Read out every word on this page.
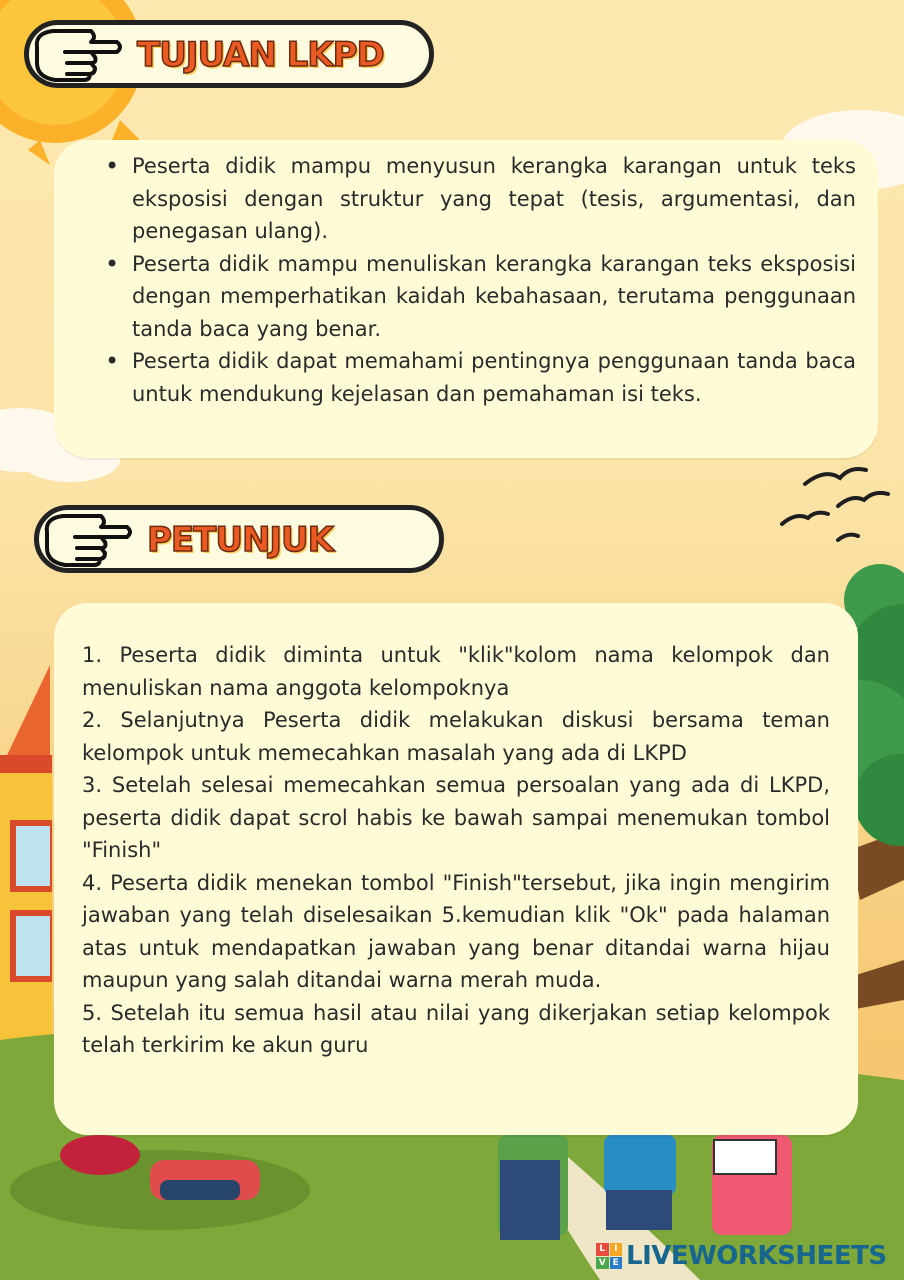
TUJUAN LKPD
• Peserta didik mampu menyusun kerangka karangan untuk teks eksposisi dengan struktur yang tepat (tesis, argumentasi, dan penegasan ulang).
• Peserta didik mampu menuliskan kerangka karangan teks eksposisi dengan memperhatikan kaidah kebahasaan, terutama penggunaan tanda baca yang benar.
• Peserta didik dapat memahami pentingnya penggunaan tanda baca untuk mendukung kejelasan dan pemahaman isi teks.
PETUNJUK

1. Peserta didik diminta untuk "klik"kolom nama kelompok dan menuliskan nama anggota kelompoknya

2. Selanjutnya Peserta didik melakukan diskusi bersama teman kelompok untuk memecahkan masalah yang ada di LKPD

3. Setelah selesai memecahkan semua persoalan yang ada di LKPD, peserta didik dapat scrol habis ke bawah sampai menemukan tombol "Finish"

4. Peserta didik menekan tombol "Finish"tersebut, jika ingin mengirim jawaban yang telah diselesaikan 5.kemudian klik "Ok" pada halaman atas untuk mendapatkan jawaban yang benar ditandai warna hijau maupun yang salah ditandai warna merah muda.

5. Setelah itu semua hasil atau nilai yang dikerjakan setiap kelompok telah terkirim ke akun guru

L I
V E LIVEWORKSHEETS
